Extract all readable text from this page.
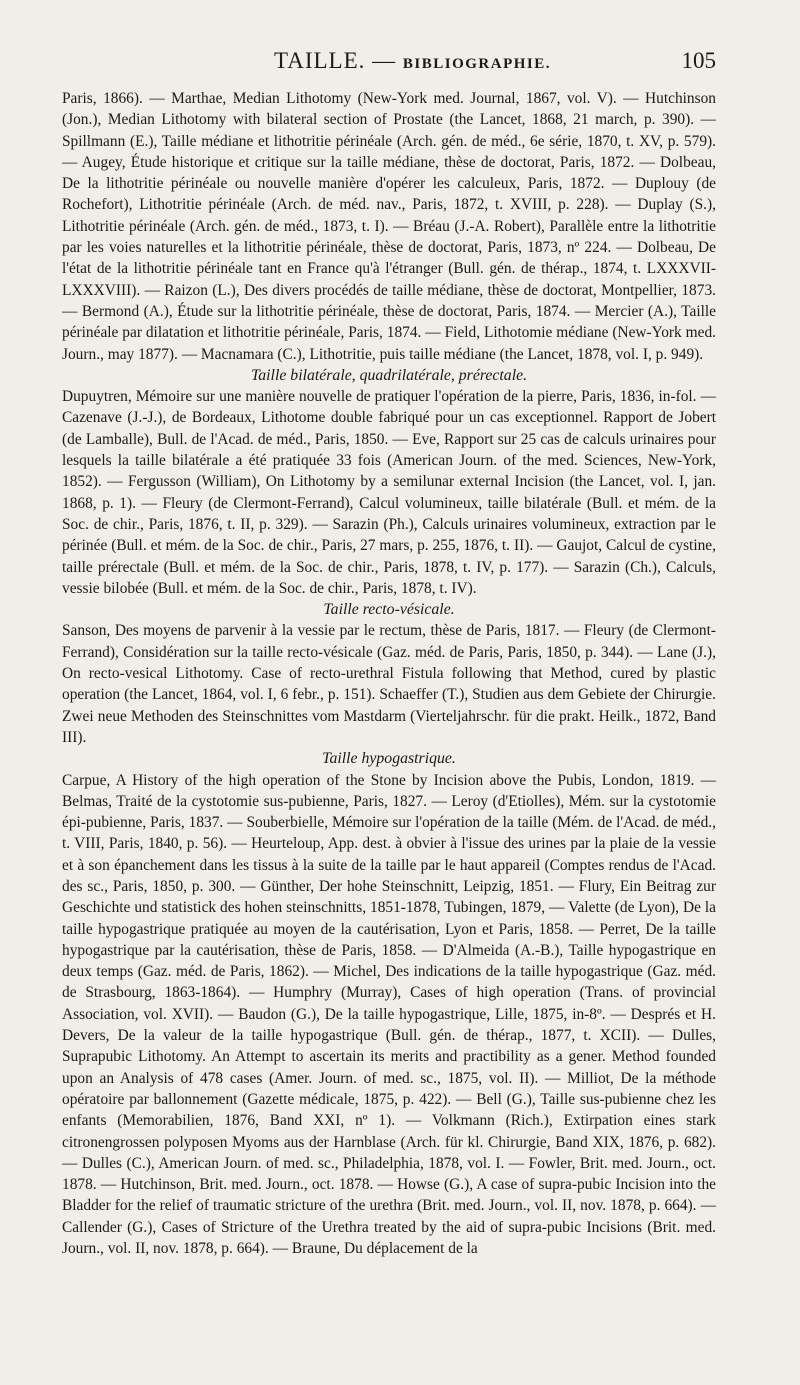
TAILLE. — BIBLIOGRAPHIE.	105

Paris, 1866). — Marthae, Median Lithotomy (New-York med. Journal, 1867, vol. V). — Hutchinson (Jon.), Median Lithotomy with bilateral section of Prostate (the Lancet, 1868, 21 march, p. 390). — Spillmann (E.), Taille médiane et lithotritie périnéale (Arch. gén. de méd., 6e série, 1870, t. XV, p. 579). — Augey, Étude historique et critique sur la taille médiane, thèse de doctorat, Paris, 1872. — Dolbeau, De la lithotritie périnéale ou nouvelle manière d'opérer les calculeux, Paris, 1872. — Duplouy (de Rochefort), Lithotritie périnéale (Arch. de méd. nav., Paris, 1872, t. XVIII, p. 228). — Duplay (S.), Lithotritie périnéale (Arch. gén. de méd., 1873, t. I). — Bréau (J.-A. Robert), Parallèle entre la lithotritie par les voies naturelles et la lithotritie périnéale, thèse de doctorat, Paris, 1873, nº 224. — Dolbeau, De l'état de la lithotritie périnéale tant en France qu'à l'étranger (Bull. gén. de thérap., 1874, t. LXXXVII-LXXXVIII). — Raizon (L.), Des divers procédés de taille médiane, thèse de doctorat, Montpellier, 1873. — Bermond (A.), Étude sur la lithotritie périnéale, thèse de doctorat, Paris, 1874. — Mercier (A.), Taille périnéale par dilatation et lithotritie périnéale, Paris, 1874. — Field, Lithotomie médiane (New-York med. Journ., may 1877). — Macnamara (C.), Lithotritie, puis taille médiane (the Lancet, 1878, vol. I, p. 949).

Taille bilatérale, quadrilatérale, prérectale.

Dupuytren, Mémoire sur une manière nouvelle de pratiquer l'opération de la pierre, Paris, 1836, in-fol. — Cazenave (J.-J.), de Bordeaux, Lithotome double fabriqué pour un cas exceptionnel. Rapport de Jobert (de Lamballe), Bull. de l'Acad. de méd., Paris, 1850. — Eve, Rapport sur 25 cas de calculs urinaires pour lesquels la taille bilatérale a été pratiquée 33 fois (American Journ. of the med. Sciences, New-York, 1852). — Fergusson (William), On Lithotomy by a semilunar external Incision (the Lancet, vol. I, jan. 1868, p. 1). — Fleury (de Clermont-Ferrand), Calcul volumineux, taille bilatérale (Bull. et mém. de la Soc. de chir., Paris, 1876, t. II, p. 329). — Sarazin (Ph.), Calculs urinaires volumineux, extraction par le périnée (Bull. et mém. de la Soc. de chir., Paris, 27 mars, p. 255, 1876, t. II). — Gaujot, Calcul de cystine, taille prérectale (Bull. et mém. de la Soc. de chir., Paris, 1878, t. IV, p. 177). — Sarazin (Ch.), Calculs, vessie bilobée (Bull. et mém. de la Soc. de chir., Paris, 1878, t. IV).

Taille recto-vésicale.

Sanson, Des moyens de parvenir à la vessie par le rectum, thèse de Paris, 1817. — Fleury (de Clermont-Ferrand), Considération sur la taille recto-vésicale (Gaz. méd. de Paris, Paris, 1850, p. 344). — Lane (J.), On recto-vesical Lithotomy. Case of recto-urethral Fistula following that Method, cured by plastic operation (the Lancet, 1864, vol. I, 6 febr., p. 151). Schaeffer (T.), Studien aus dem Gebiete der Chirurgie. Zwei neue Methoden des Steinschnittes vom Mastdarm (Vierteljahrschr. für die prakt. Heilk., 1872, Band III).

Taille hypogastrique.

Carpue, A History of the high operation of the Stone by Incision above the Pubis, London, 1819. — Belmas, Traité de la cystotomie sus-pubienne, Paris, 1827. — Leroy (d'Etiolles), Mém. sur la cystotomie épi-pubienne, Paris, 1837. — Souberbielle, Mémoire sur l'opération de la taille (Mém. de l'Acad. de méd., t. VIII, Paris, 1840, p. 56). — Heurteloup, App. dest. à obvier à l'issue des urines par la plaie de la vessie et à son épanchement dans les tissus à la suite de la taille par le haut appareil (Comptes rendus de l'Acad. des sc., Paris, 1850, p. 300. — Günther, Der hohe Steinschnitt, Leipzig, 1851. — Flury, Ein Beitrag zur Geschichte und statistick des hohen steinschnitts, 1851-1878, Tubingen, 1879, — Valette (de Lyon), De la taille hypogastrique pratiquée au moyen de la cautérisation, Lyon et Paris, 1858. — Perret, De la taille hypogastrique par la cautérisation, thèse de Paris, 1858. — D'Almeida (A.-B.), Taille hypogastrique en deux temps (Gaz. méd. de Paris, 1862). — Michel, Des indications de la taille hypogastrique (Gaz. méd. de Strasbourg, 1863-1864). — Humphry (Murray), Cases of high operation (Trans. of provincial Association, vol. XVII). — Baudon (G.), De la taille hypogastrique, Lille, 1875, in-8º. — Després et H. Devers, De la valeur de la taille hypogastrique (Bull. gén. de thérap., 1877, t. XCII). — Dulles, Suprapubic Lithotomy. An Attempt to ascertain its merits and practibility as a gener. Method founded upon an Analysis of 478 cases (Amer. Journ. of med. sc., 1875, vol. II). — Milliot, De la méthode opératoire par ballonnement (Gazette médicale, 1875, p. 422). — Bell (G.), Taille sus-pubienne chez les enfants (Memorabilien, 1876, Band XXI, nº 1). — Volkmann (Rich.), Extirpation eines stark citronengrossen polyposen Myoms aus der Harnblase (Arch. für kl. Chirurgie, Band XIX, 1876, p. 682). — Dulles (C.), American Journ. of med. sc., Philadelphia, 1878, vol. I. — Fowler, Brit. med. Journ., oct. 1878. — Hutchinson, Brit. med. Journ., oct. 1878. — Howse (G.), A case of supra-pubic Incision into the Bladder for the relief of traumatic stricture of the urethra (Brit. med. Journ., vol. II, nov. 1878, p. 664). — Callender (G.), Cases of Stricture of the Urethra treated by the aid of supra-pubic Incisions (Brit. med. Journ., vol. II, nov. 1878, p. 664). — Braune, Du déplacement de la
